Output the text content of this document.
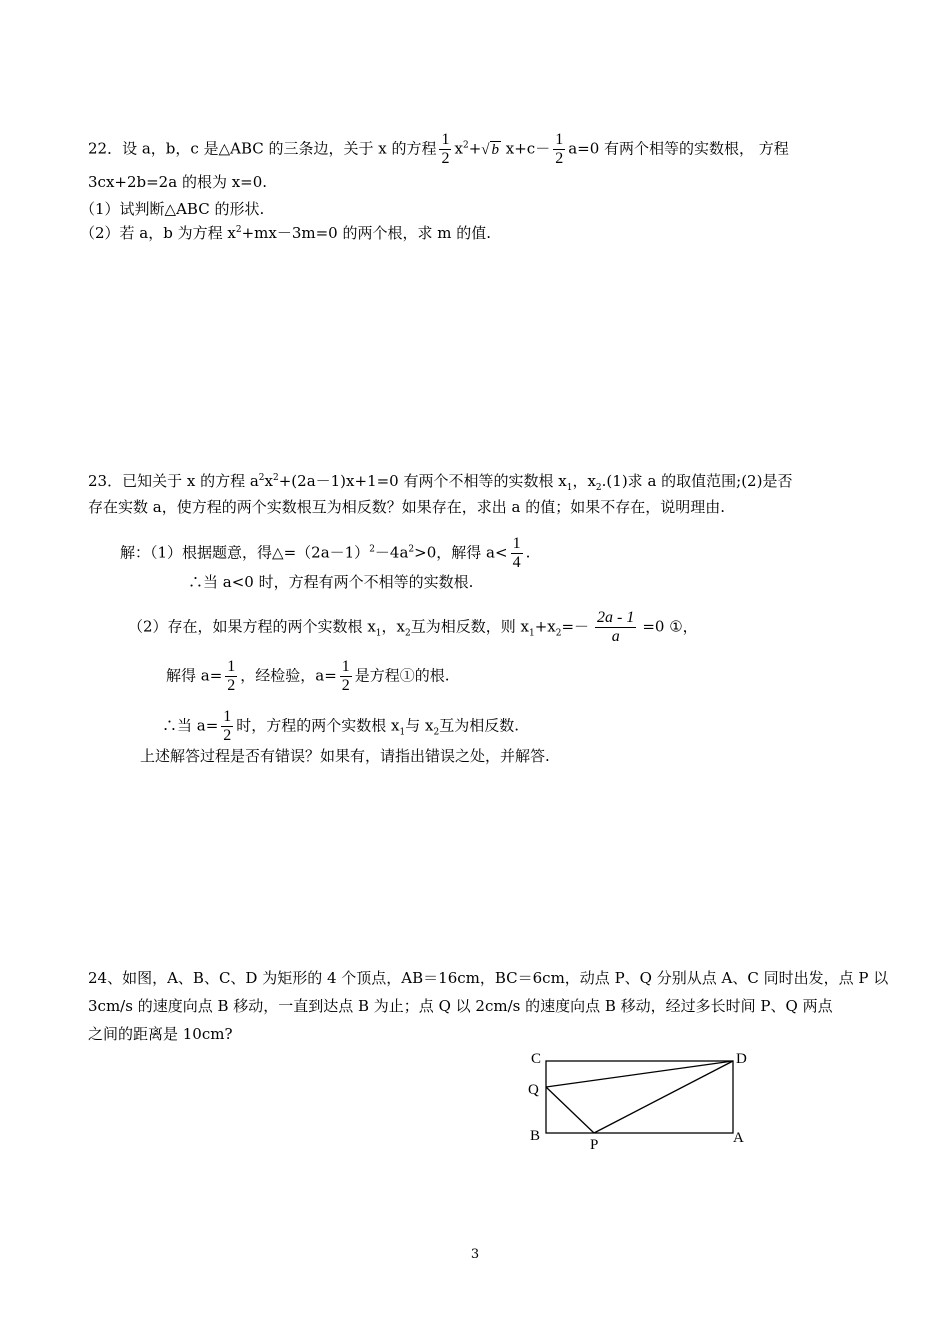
22．设 a，b，c 是△ABC 的三条边，关于 x 的方程 $\frac{1}{2} x^2+√$ b $x+c- \frac{1}{2} a=0$ 有两个相等的实数根， 方程
3cx+2b=2a 的根为 x=0.
（1）试判断△ABC 的形状.
（2）若 a，b 为方程 $x^2+mx-3m=0$ 的两个根，求 m 的值.
23．已知关于 x 的方程 $a^2x^2+(2a-1)x+1=0$ 有两个不相等的实数根 $x_1$，$x_2.(1)$求 a 的取值范围;(2)是否
存在实数 a，使方程的两个实数根互为相反数？如果存在，求出 a 的值；如果不存在，说明理由.
解：（1）根据题意，得$\triangle=(2a-1)^2-4a^2>0$，解得 $a< \frac{1}{4}$ .
∴当 a<0 时，方程有两个不相等的实数根.
（2）存在，如果方程的两个实数根 $x_1$，$x_2$互为相反数，则 $x_1+x_2=- \frac{2a - 1}{a} =0$ ①，
解得 $a= \frac{1}{2}$ ，经检验，$a= \frac{1}{2}$ 是方程①的根.
∴当 $a= \frac{1}{2}$ 时，方程的两个实数根 $x_1$与 $x_2$互为相反数.
上述解答过程是否有错误？如果有，请指出错误之处，并解答.
24、如图，A、B、C、D 为矩形的 4 个顶点，AB＝16cm，BC＝6cm，动点 P、Q 分别从点 A、C 同时出发，点 P 以
3cm/s 的速度向点 B 移动，一直到达点 B 为止；点 Q 以 2cm/s 的速度向点 B 移动，经过多长时间 P、Q 两点
之间的距离是 10cm?
C	D
Q
B
P	A
3
